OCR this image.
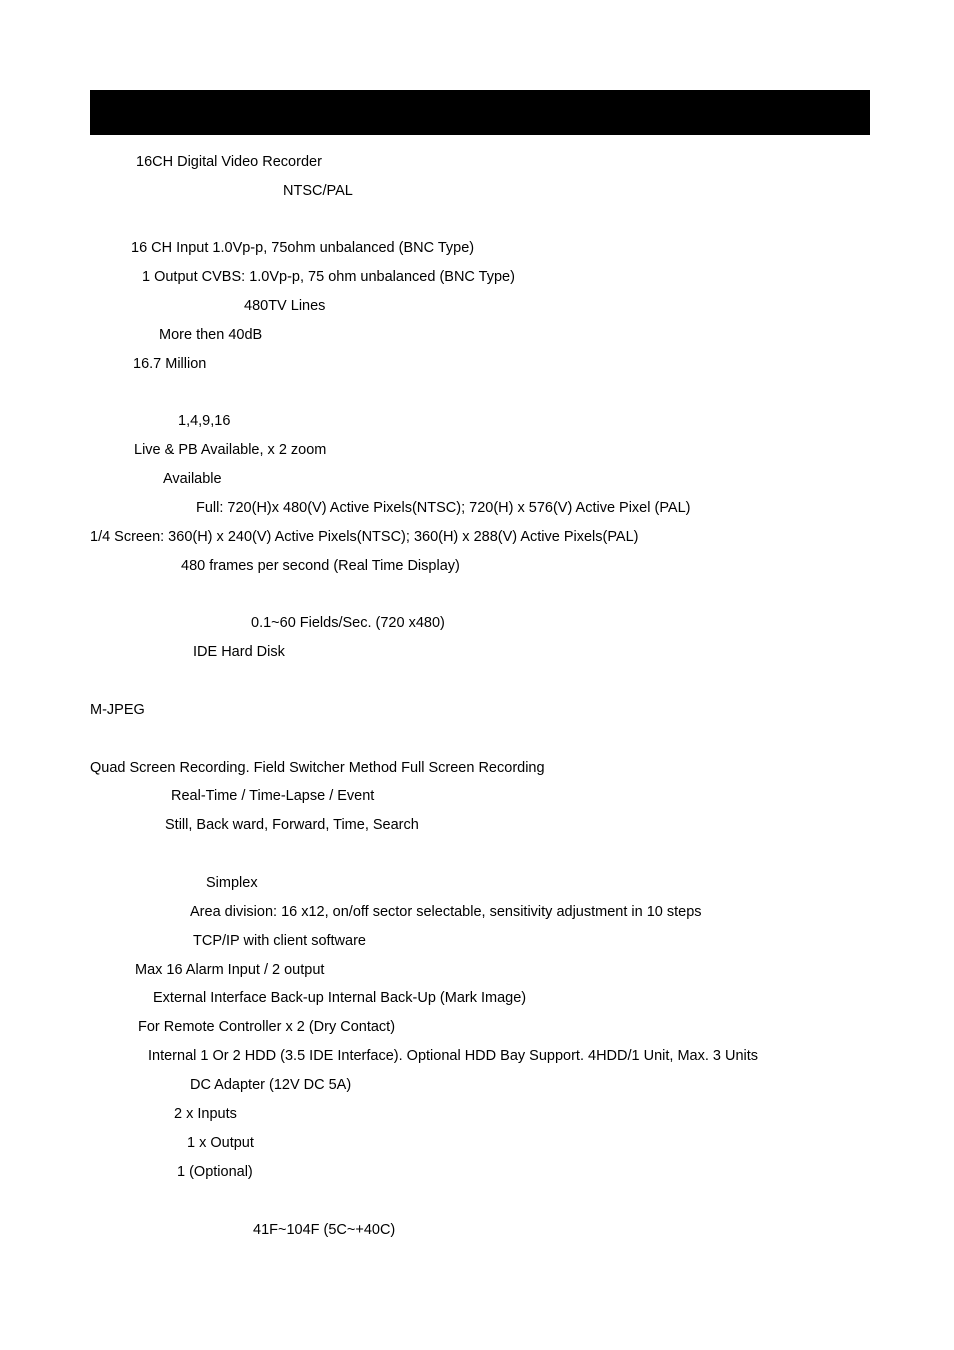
16CH Digital Video Recorder
NTSC/PAL
16 CH Input 1.0Vp-p, 75ohm unbalanced (BNC Type)
1 Output CVBS: 1.0Vp-p, 75 ohm unbalanced (BNC Type)
480TV Lines
More then 40dB
16.7 Million
1,4,9,16
Live & PB Available, x 2 zoom
Available
Full: 720(H)x 480(V) Active Pixels(NTSC); 720(H) x 576(V) Active Pixel (PAL)
1/4 Screen: 360(H) x 240(V) Active Pixels(NTSC); 360(H) x 288(V) Active Pixels(PAL)
480 frames per second (Real Time Display)
0.1~60 Fields/Sec. (720 x480)
IDE Hard Disk
M-JPEG
Quad Screen Recording. Field Switcher Method Full Screen Recording
Real-Time / Time-Lapse / Event
Still, Back ward, Forward, Time, Search
Simplex
Area division: 16 x12, on/off sector selectable, sensitivity adjustment in 10 steps
TCP/IP with client software
Max 16 Alarm Input / 2 output
External Interface Back-up Internal Back-Up (Mark Image)
For Remote Controller x 2 (Dry Contact)
Internal 1 Or 2 HDD (3.5 IDE Interface). Optional HDD Bay Support. 4HDD/1 Unit, Max. 3 Units
DC Adapter (12V DC 5A)
2 x Inputs
1 x Output
1 (Optional)
41F~104F (5C~+40C)
